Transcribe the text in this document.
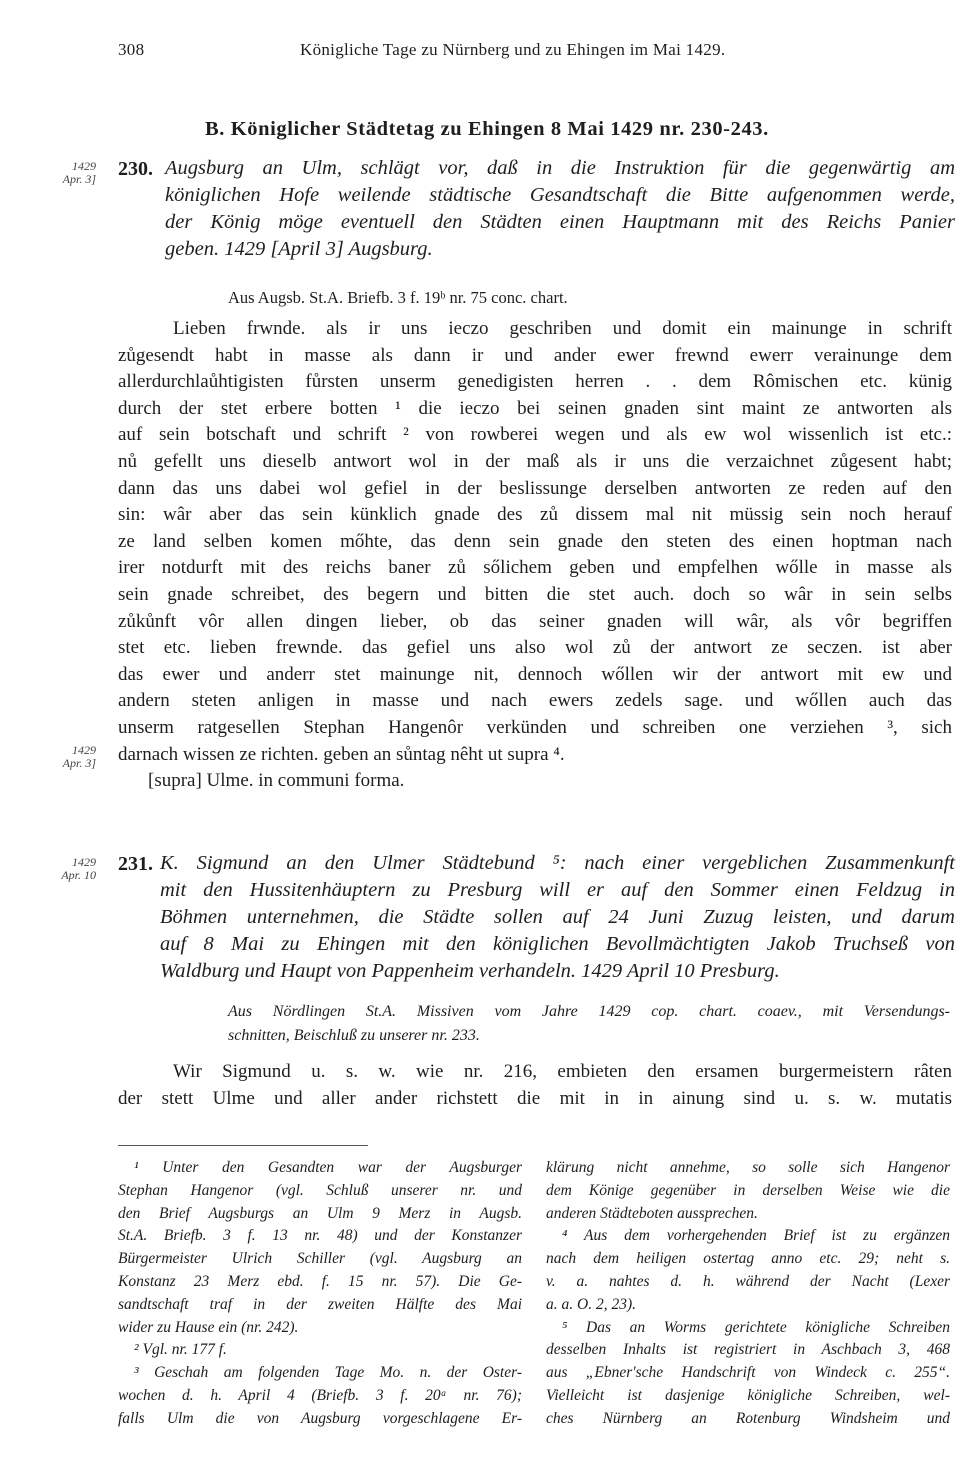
308	Königliche Tage zu Nürnberg und zu Ehingen im Mai 1429.
B. Königlicher Städtetag zu Ehingen 8 Mai 1429 nr. 230-243.
1429
Apr. 3] 230. Augsburg an Ulm, schlägt vor, daß in die Instruktion für die gegenwärtig am
königlichen Hofe weilende städtische Gesandtschaft die Bitte aufgenommen werde,
der König möge eventuell den Städten einen Hauptmann mit des Reichs Panier
geben. 1429 [April 3] Augsburg.
Aus Augsb. St.A. Briefb. 3 f. 19ᵇ nr. 75 conc. chart.
Lieben frwnde. als ir uns ieczo geschriben und domit ein mainunge in schrift
zůgesendt habt in masse als dann ir und ander ewer frewnd ewerr verainunge dem
allerdurchlaůhtigisten fůrsten unserm genedigisten herren . . dem Rômischen etc. künig
durch der stet erbere botten ¹ die ieczo bei seinen gnaden sint maint ze antworten als
auf sein botschaft und schrift ² von rowberei wegen und als ew wol wissenlich ist etc.:
nů gefellt uns dieselb antwort wol in der maß als ir uns die verzaichnet zůgesent habt;
dann das uns dabei wol gefiel in der beslissunge derselben antworten ze reden auf den
sin: wâr aber das sein künklich gnade des zů dissem mal nit müssig sein noch herauf
ze land selben komen mőhte, das denn sein gnade den steten des einen hoptman nach
irer notdurft mit des reichs baner zů sőlichem geben und empfelhen wőlle in masse als
sein gnade schreibet, des begern und bitten die stet auch. doch so wâr in sein selbs
zůkůnft vôr allen dingen lieber, ob das seiner gnaden will wâr, als vôr begriffen
stet etc. lieben frewnde. das gefiel uns also wol zů der antwort ze seczen. ist aber
das ewer und anderr stet mainunge nit, dennoch wőllen wir der antwort mit ew und
andern steten anligen in masse und nach ewers zedels sage. und wőllen auch das
unserm ratgesellen Stephan Hangenôr verkünden und schreiben one verziehen ³, sich
darnach wissen ze richten. geben an sůntag nêht ut supra ⁴.
[supra] Ulme. in communi forma.
1429
Apr. 3]
1429
Apr. 10 231. K. Sigmund an den Ulmer Städtebund ⁵: nach einer vergeblichen Zusammenkunft
mit den Hussitenhäuptern zu Presburg will er auf den Sommer einen Feldzug in
Böhmen unternehmen, die Städte sollen auf 24 Juni Zuzug leisten, und darum
auf 8 Mai zu Ehingen mit den königlichen Bevollmächtigten Jakob Truchseß von
Waldburg und Haupt von Pappenheim verhandeln. 1429 April 10 Presburg.
Aus Nördlingen St.A. Missiven vom Jahre 1429 cop. chart. coaev., mit Versendungs-
schnitten, Beischluß zu unserer nr. 233.
Wir Sigmund u. s. w. wie nr. 216, embieten den ersamen burgermeistern râten
der stett Ulme und aller ander richstett die mit in in ainung sind u. s. w. mutatis
¹ Unter den Gesandten war der Augsburger
Stephan Hangenor (vgl. Schluß unserer nr. und
den Brief Augsburgs an Ulm 9 Merz in Augsb.
St.A. Briefb. 3 f. 13 nr. 48) und der Konstanzer
Bürgermeister Ulrich Schiller (vgl. Augsburg an
Konstanz 23 Merz ebd. f. 15 nr. 57). Die Ge-
sandtschaft traf in der zweiten Hälfte des Mai
wider zu Hause ein (nr. 242).
² Vgl. nr. 177 f.
³ Geschah am folgenden Tage Mo. n. der Oster-
wochen d. h. April 4 (Briefb. 3 f. 20ᵃ nr. 76);
falls Ulm die von Augsburg vorgeschlagene Er-
klärung nicht annehme, so solle sich Hangenor
dem Könige gegenüber in derselben Weise wie die
anderen Städteboten aussprechen.
⁴ Aus dem vorhergehenden Brief ist zu ergänzen
nach dem heiligen ostertag anno etc. 29; neht s.
v. a. nahtes d. h. während der Nacht (Lexer
a. a. O. 2, 23).
⁵ Das an Worms gerichtete königliche Schreiben
desselben Inhalts ist registriert in Aschbach 3, 468
aus „Ebner'sche Handschrift von Windeck c. 255“.
Vielleicht ist dasjenige königliche Schreiben, wel-
ches Nürnberg an Rotenburg Windsheim und
